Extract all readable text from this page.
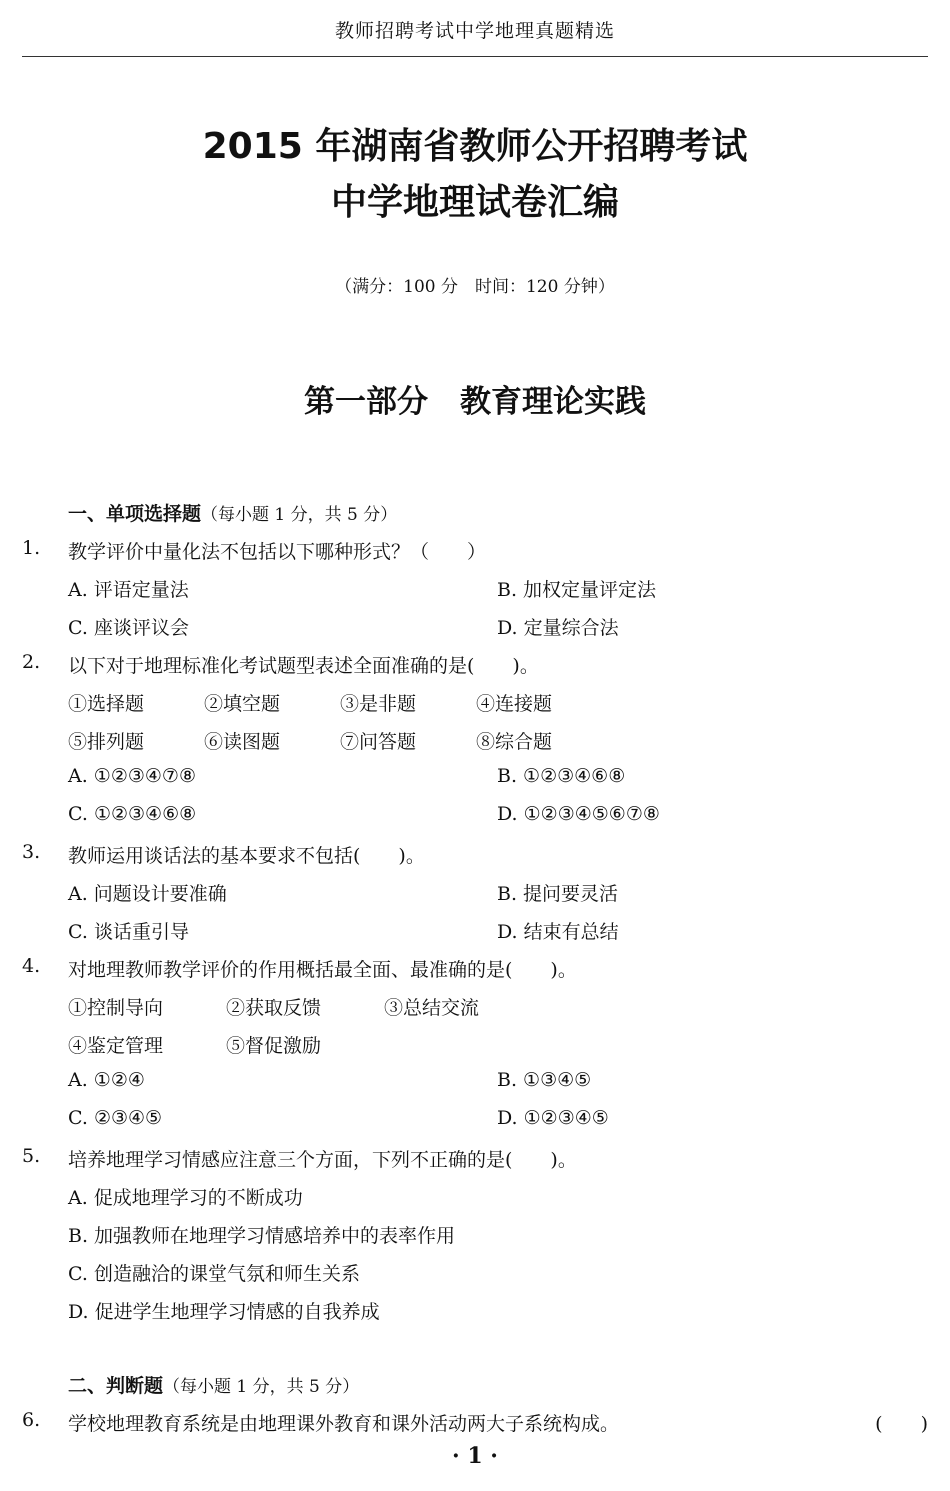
教师招聘考试中学地理真题精选
2015 年湖南省教师公开招聘考试
中学地理试卷汇编
（满分：100 分　时间：120 分钟）
第一部分 教育理论实践
一、单项选择题（每小题 1 分，共 5 分）
1. 教学评价中量化法不包括以下哪种形式？（　　）
A. 评语定量法	B. 加权定量评定法
C. 座谈评议会	D. 定量综合法
2. 以下对于地理标准化考试题型表述全面准确的是(　　)。
①选择题	②填空题	③是非题	④连接题
⑤排列题	⑥读图题	⑦问答题	⑧综合题
A. ①②③④⑦⑧	B. ①②③④⑥⑧
C. ①②③④⑥⑧	D. ①②③④⑤⑥⑦⑧
3. 教师运用谈话法的基本要求不包括(　　)。
A. 问题设计要准确	B. 提问要灵活
C. 谈话重引导	D. 结束有总结
4. 对地理教师教学评价的作用概括最全面、最准确的是(　　)。
①控制导向	②获取反馈	③总结交流
④鉴定管理	⑤督促激励
A. ①②④	B. ①③④⑤
C. ②③④⑤	D. ①②③④⑤
5. 培养地理学习情感应注意三个方面，下列不正确的是(　　)。
A. 促成地理学习的不断成功
B. 加强教师在地理学习情感培养中的表率作用
C. 创造融洽的课堂气氛和师生关系
D. 促进学生地理学习情感的自我养成
二、判断题（每小题 1 分，共 5 分）
6. 学校地理教育系统是由地理课外教育和课外活动两大子系统构成。	(　　)
· 1 ·
